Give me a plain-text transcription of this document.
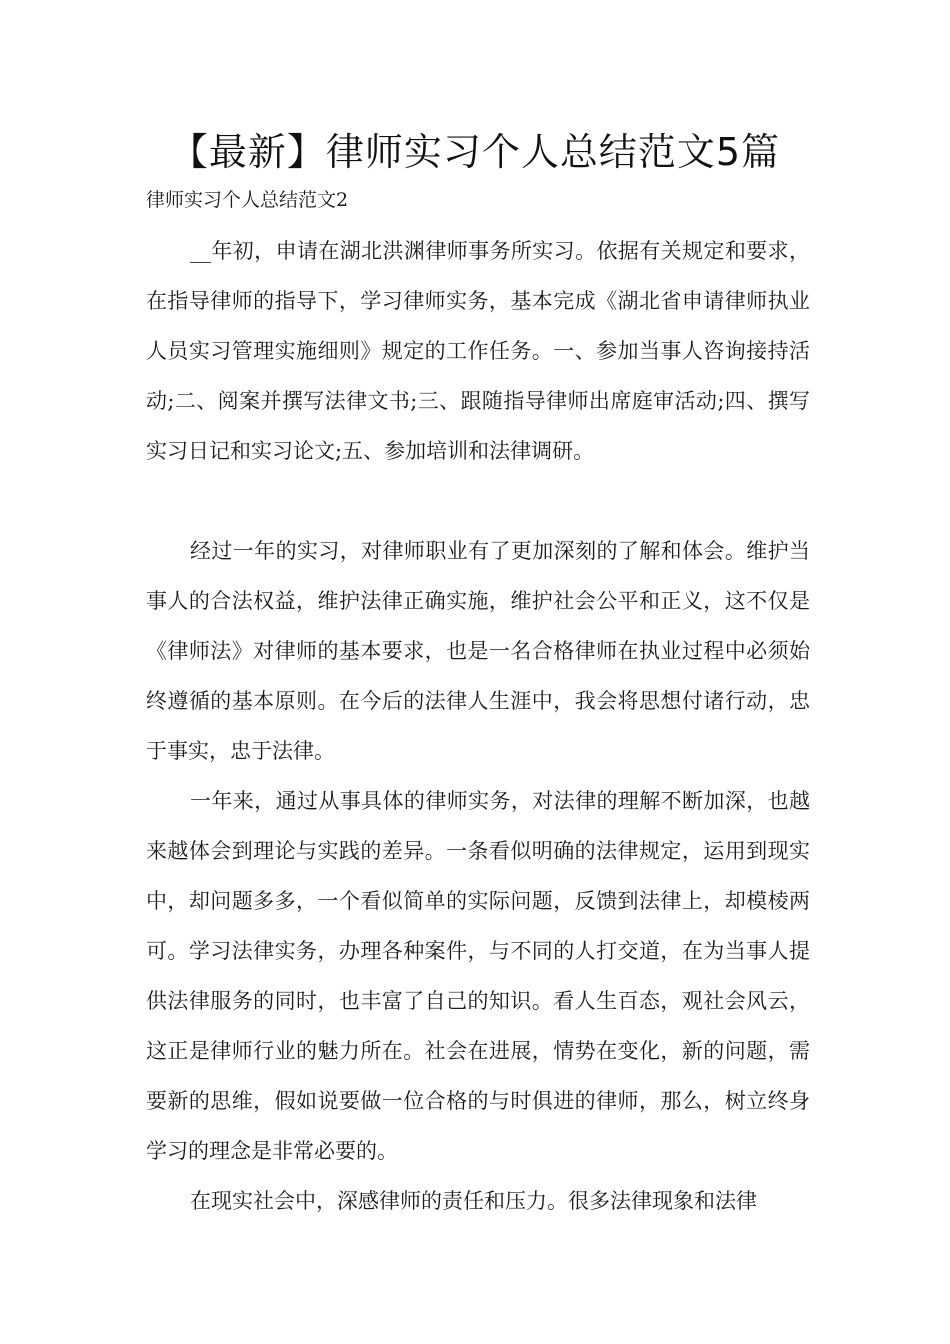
【最新】律师实习个人总结范文5篇
律师实习个人总结范文2

__年初，申请在湖北洪渊律师事务所实习。依据有关规定和要求，在指导律师的指导下，学习律师实务，基本完成《湖北省申请律师执业人员实习管理实施细则》规定的工作任务。一、参加当事人咨询接持活动;二、阅案并撰写法律文书;三、跟随指导律师出席庭审活动;四、撰写实习日记和实习论文;五、参加培训和法律调研。

经过一年的实习，对律师职业有了更加深刻的了解和体会。维护当事人的合法权益，维护法律正确实施，维护社会公平和正义，这不仅是《律师法》对律师的基本要求，也是一名合格律师在执业过程中必须始终遵循的基本原则。在今后的法律人生涯中，我会将思想付诸行动，忠于事实，忠于法律。

一年来，通过从事具体的律师实务，对法律的理解不断加深，也越来越体会到理论与实践的差异。一条看似明确的法律规定，运用到现实中，却问题多多，一个看似简单的实际问题，反馈到法律上，却模棱两可。学习法律实务，办理各种案件，与不同的人打交道，在为当事人提供法律服务的同时，也丰富了自己的知识。看人生百态，观社会风云，这正是律师行业的魅力所在。社会在进展，情势在变化，新的问题，需要新的思维，假如说要做一位合格的与时俱进的律师，那么，树立终身学习的理念是非常必要的。

在现实社会中，深感律师的责任和压力。很多法律现象和法律
